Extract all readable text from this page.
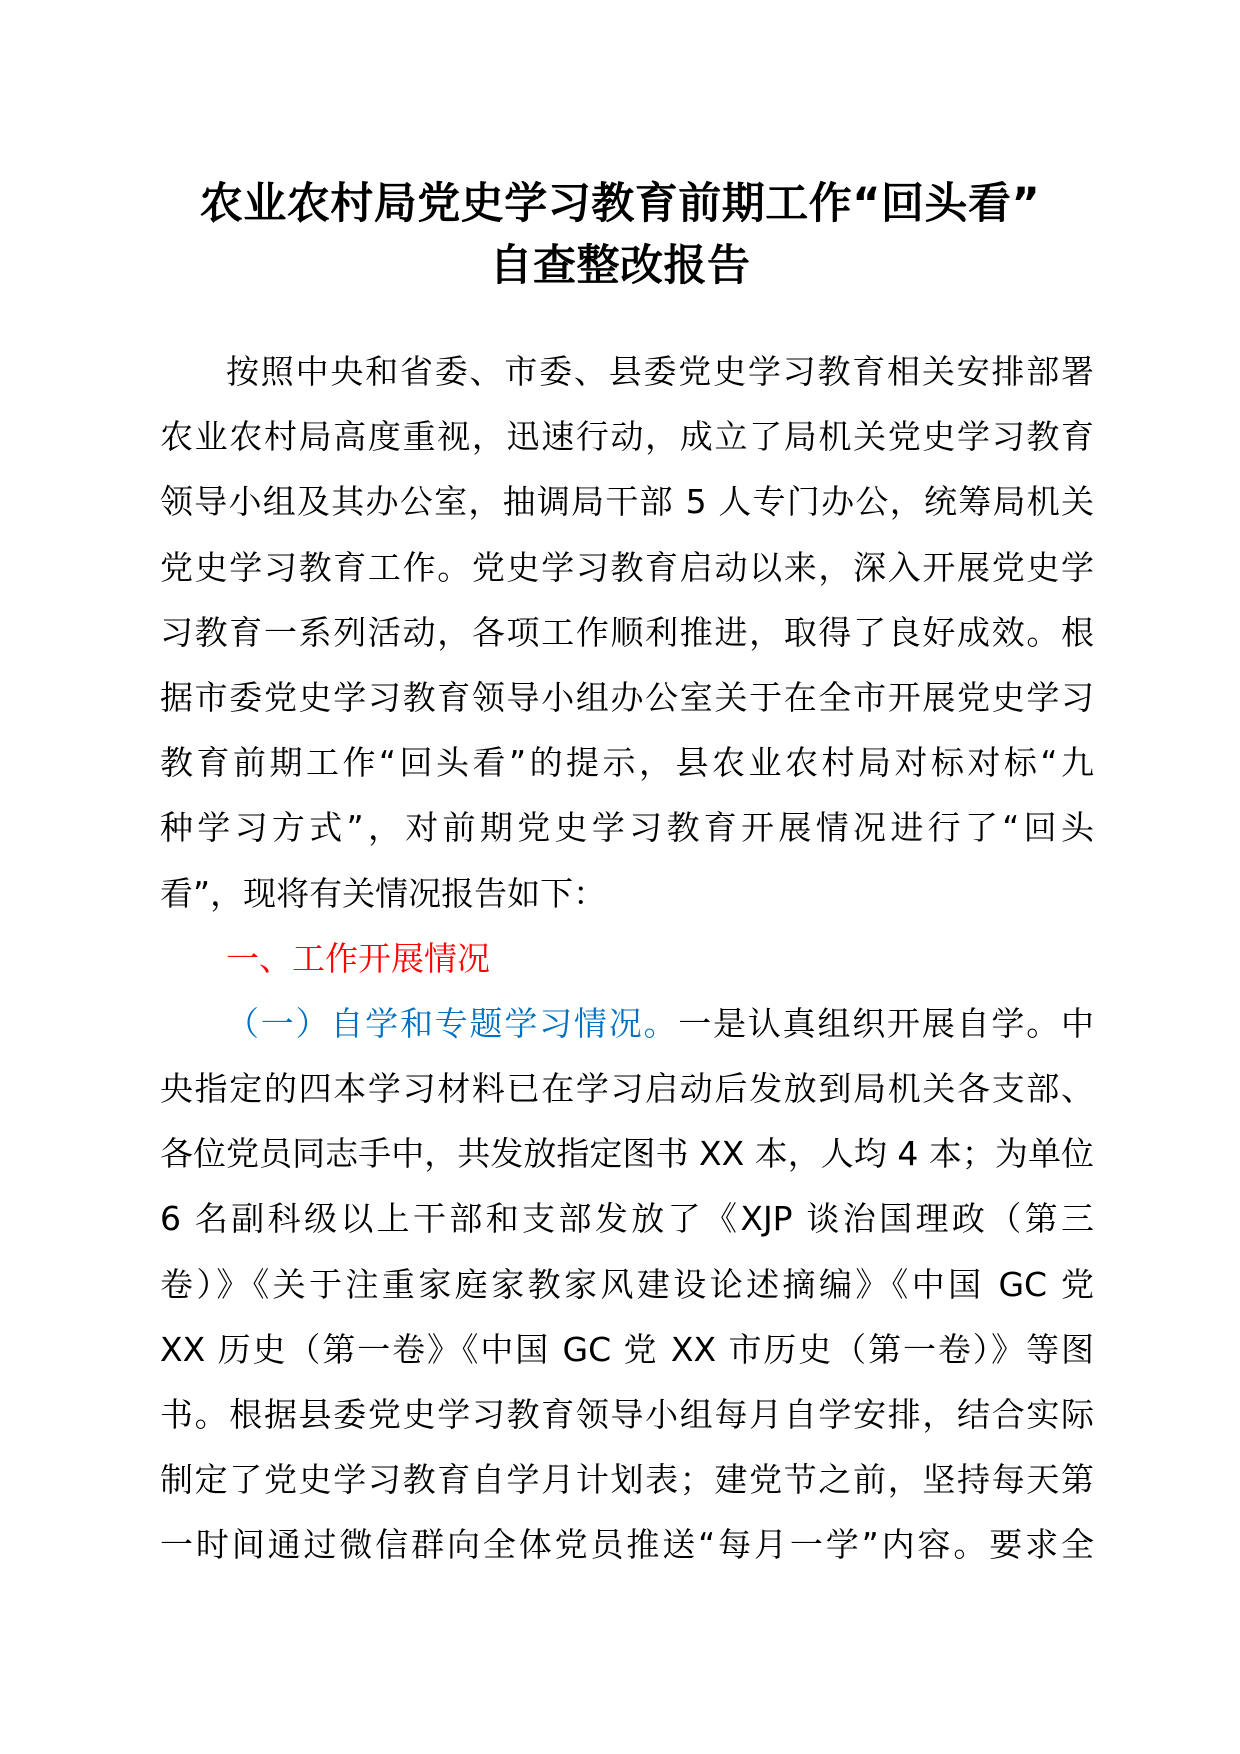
农业农村局党史学习教育前期工作“回头看”
自查整改报告
按照中央和省委、市委、县委党史学习教育相关安排部署
农业农村局高度重视，迅速行动，成立了局机关党史学习教育
领导小组及其办公室，抽调局干部 5 人专门办公，统筹局机关
党史学习教育工作。党史学习教育启动以来，深入开展党史学
习教育一系列活动，各项工作顺利推进，取得了良好成效。根
据市委党史学习教育领导小组办公室关于在全市开展党史学习
教育前期工作“回头看”的提示，县农业农村局对标对标“九
种学习方式”，对前期党史学习教育开展情况进行了“回头
看”，现将有关情况报告如下：
一、工作开展情况
（一）自学和专题学习情况。一是认真组织开展自学。中
央指定的四本学习材料已在学习启动后发放到局机关各支部、
各位党员同志手中，共发放指定图书 XX 本，人均 4 本；为单位
6 名副科级以上干部和支部发放了《XJP 谈治国理政（第三
卷）》《关于注重家庭家教家风建设论述摘编》《中国 GC 党
XX 历史（第一卷》《中国 GC 党 XX 市历史（第一卷）》等图
书。根据县委党史学习教育领导小组每月自学安排，结合实际
制定了党史学习教育自学月计划表；建党节之前，坚持每天第
一时间通过微信群向全体党员推送“每月一学”内容。要求全
